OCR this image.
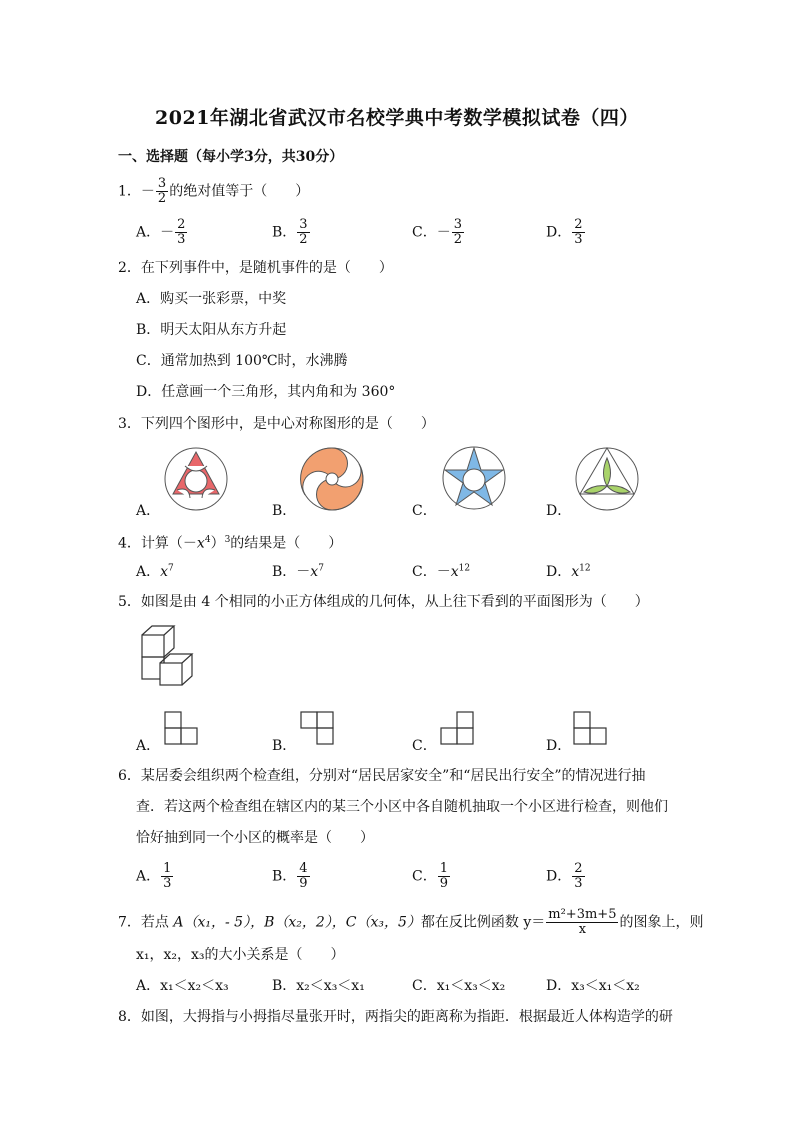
2021年湖北省武汉市名校学典中考数学模拟试卷（四）
一、选择题（每小学3分，共30分）
1．－ $\frac{3}{2}$ 的绝对值等于（　　）
A．－ $\frac{2}{3}$	B． $\frac{3}{2}$	C．－ $\frac{3}{2}$	D． $\frac{2}{3}$
2．在下列事件中，是随机事件的是（　　）
A．购买一张彩票，中奖
B．明天太阳从东方升起
C．通常加热到 100℃时，水沸腾
D．任意画一个三角形，其内角和为 360°
3．下列四个图形中，是中心对称图形的是（　　）
A．	B．	C．	D．
4．计算$(-x^4)^3$的结果是（　　）
A．$x^7$	B．$-x^7$	C．$-x^{12}$	D．$x^{12}$
5．如图是由 4 个相同的小正方体组成的几何体，从上往下看到的平面图形为（　　）
A．	B．	C．	D．
6．某居委会组织两个检查组，分别对“居民居家安全”和“居民出行安全”的情况进行抽
查．若这两个检查组在辖区内的某三个小区中各自随机抽取一个小区进行检查，则他们
恰好抽到同一个小区的概率是（　　）
A． $\frac{1}{3}$	B． $\frac{4}{9}$	C． $\frac{1}{9}$	D． $\frac{2}{3}$
7．若点 A（x₁，- 5），B（x₂，2），C（x₃，5）都在反比例函数 $y= \frac{\text{m²+3m+5}}{x}$ 的图象上，则
x₁，x₂，x₃的大小关系是（　　）
A．x₁＜x₂＜x₃	B．x₂＜x₃＜x₁	C．x₁＜x₃＜x₂	D．x₃＜x₁＜x₂
8．如图，大拇指与小拇指尽量张开时，两指尖的距离称为指距．根据最近人体构造学的研
